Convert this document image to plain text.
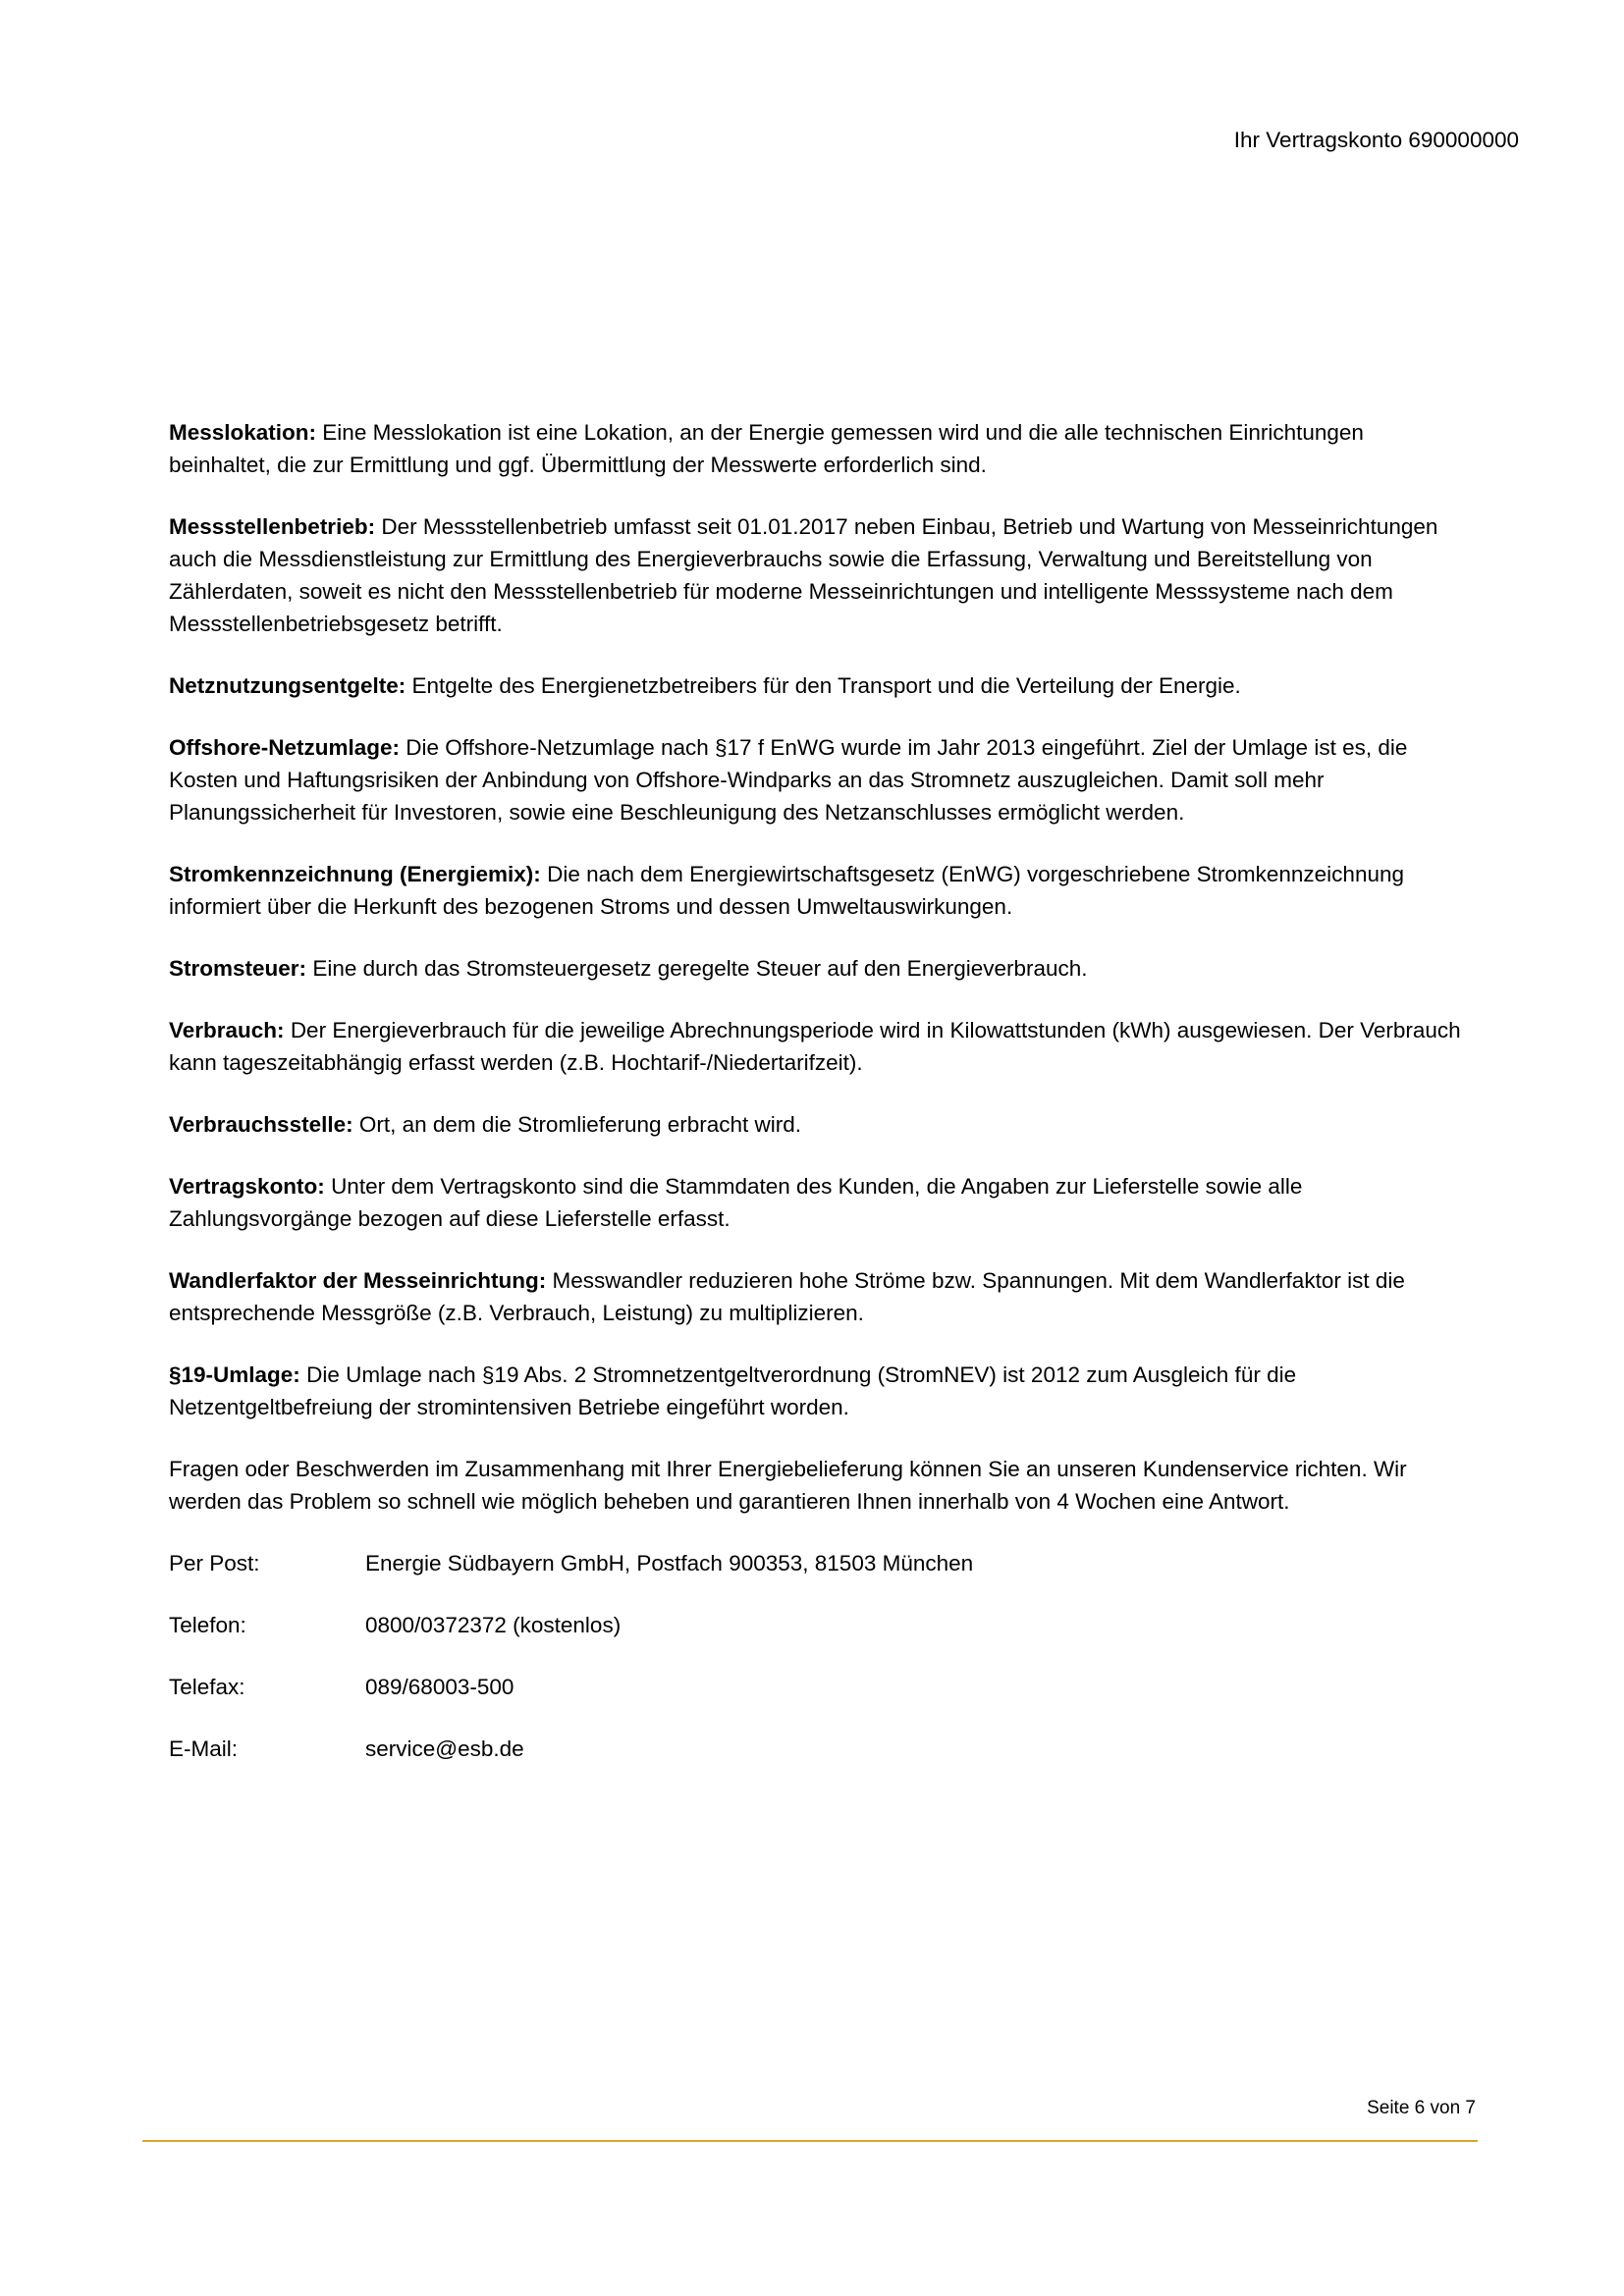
Ihr Vertragskonto 690000000

Messlokation: Eine Messlokation ist eine Lokation, an der Energie gemessen wird und die alle technischen Einrichtungen beinhaltet, die zur Ermittlung und ggf. Übermittlung der Messwerte erforderlich sind.

Messstellenbetrieb: Der Messstellenbetrieb umfasst seit 01.01.2017 neben Einbau, Betrieb und Wartung von Messeinrichtungen auch die Messdienstleistung zur Ermittlung des Energieverbrauchs sowie die Erfassung, Verwaltung und Bereitstellung von Zählerdaten, soweit es nicht den Messstellenbetrieb für moderne Messeinrichtungen und intelligente Messsysteme nach dem Messstellenbetriebsgesetz betrifft.

Netznutzungsentgelte: Entgelte des Energienetzbetreibers für den Transport und die Verteilung der Energie.

Offshore-Netzumlage: Die Offshore-Netzumlage nach §17 f EnWG wurde im Jahr 2013 eingeführt. Ziel der Umlage ist es, die Kosten und Haftungsrisiken der Anbindung von Offshore-Windparks an das Stromnetz auszugleichen. Damit soll mehr Planungssicherheit für Investoren, sowie eine Beschleunigung des Netzanschlusses ermöglicht werden.

Stromkennzeichnung (Energiemix): Die nach dem Energiewirtschaftsgesetz (EnWG) vorgeschriebene Stromkennzeichnung informiert über die Herkunft des bezogenen Stroms und dessen Umweltauswirkungen.

Stromsteuer: Eine durch das Stromsteuergesetz geregelte Steuer auf den Energieverbrauch.

Verbrauch: Der Energieverbrauch für die jeweilige Abrechnungsperiode wird in Kilowattstunden (kWh) ausgewiesen. Der Verbrauch kann tageszeitabhängig erfasst werden (z.B. Hochtarif-/Niedertarifzeit).

Verbrauchsstelle: Ort, an dem die Stromlieferung erbracht wird.

Vertragskonto: Unter dem Vertragskonto sind die Stammdaten des Kunden, die Angaben zur Lieferstelle sowie alle Zahlungsvorgänge bezogen auf diese Lieferstelle erfasst.

Wandlerfaktor der Messeinrichtung: Messwandler reduzieren hohe Ströme bzw. Spannungen. Mit dem Wandlerfaktor ist die entsprechende Messgröße (z.B. Verbrauch, Leistung) zu multiplizieren.

§19-Umlage: Die Umlage nach §19 Abs. 2 Stromnetzentgeltverordnung (StromNEV) ist 2012 zum Ausgleich für die Netzentgeltbefreiung der stromintensiven Betriebe eingeführt worden.

Fragen oder Beschwerden im Zusammenhang mit Ihrer Energiebelieferung können Sie an unseren Kundenservice richten. Wir werden das Problem so schnell wie möglich beheben und garantieren Ihnen innerhalb von 4 Wochen eine Antwort.

Per Post:	Energie Südbayern GmbH, Postfach 900353, 81503 München
Telefon:	0800/0372372 (kostenlos)
Telefax:	089/68003-500
E-Mail:	service@esb.de
Seite 6 von 7
